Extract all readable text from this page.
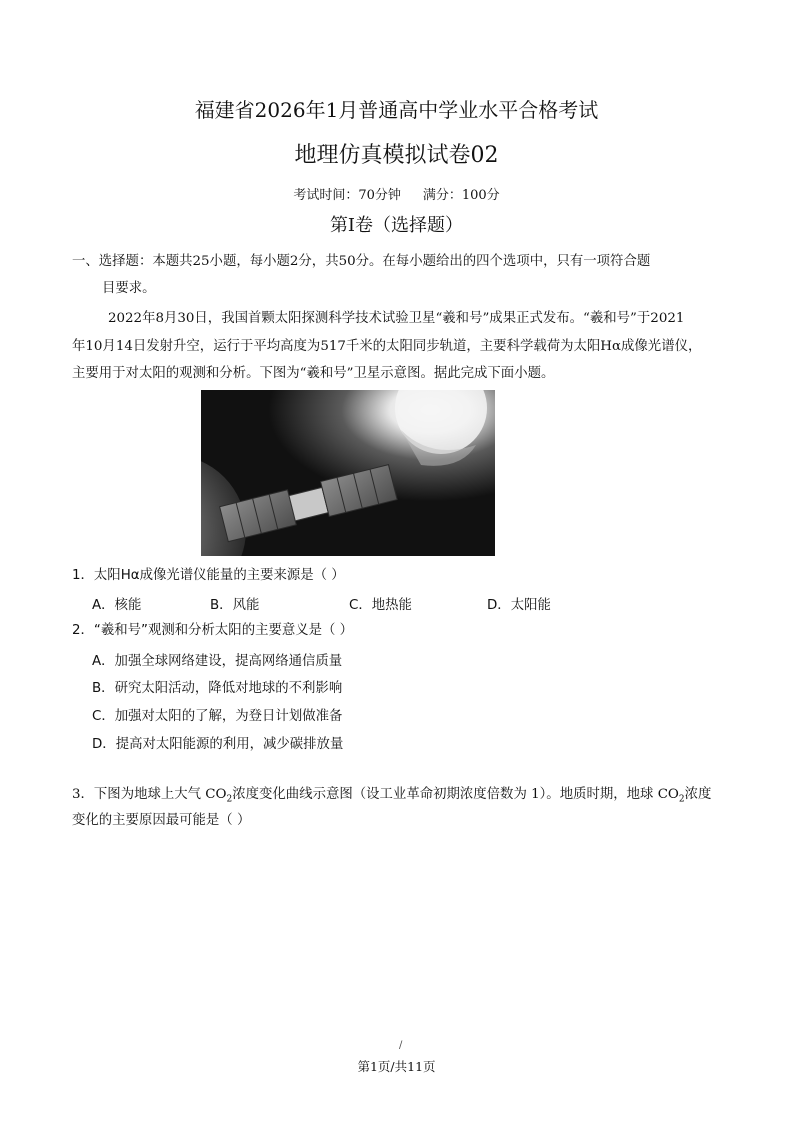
福建省2026年1月普通高中学业水平合格考试
地理仿真模拟试卷02
考试时间：70分钟 满分：100分
第Ⅰ卷（选择题）
一、选择题：本题共25小题，每小题2分，共50分。在每小题给出的四个选项中，只有一项符合题
目要求。
2022年8月30日，我国首颗太阳探测科学技术试验卫星“羲和号”成果正式发布。“羲和号”于2021
年10月14日发射升空，运行于平均高度为517千米的太阳同步轨道，主要科学载荷为太阳Hα成像光谱仪，
主要用于对太阳的观测和分析。下图为“羲和号”卫星示意图。据此完成下面小题。
1．太阳Hα成像光谱仪能量的主要来源是（ ）
A．核能	B．风能	C．地热能	D．太阳能
2．“羲和号”观测和分析太阳的主要意义是（ ）
A．加强全球网络建设，提高网络通信质量
B．研究太阳活动，降低对地球的不利影响
C．加强对太阳的了解，为登日计划做准备
D．提高对太阳能源的利用，减少碳排放量
3．下图为地球上大气 $CO_2$浓度变化曲线示意图（设工业革命初期浓度倍数为 1）。地质时期，地球 $CO_2$浓度
变化的主要原因最可能是（ ）
/
第1页/共11页
